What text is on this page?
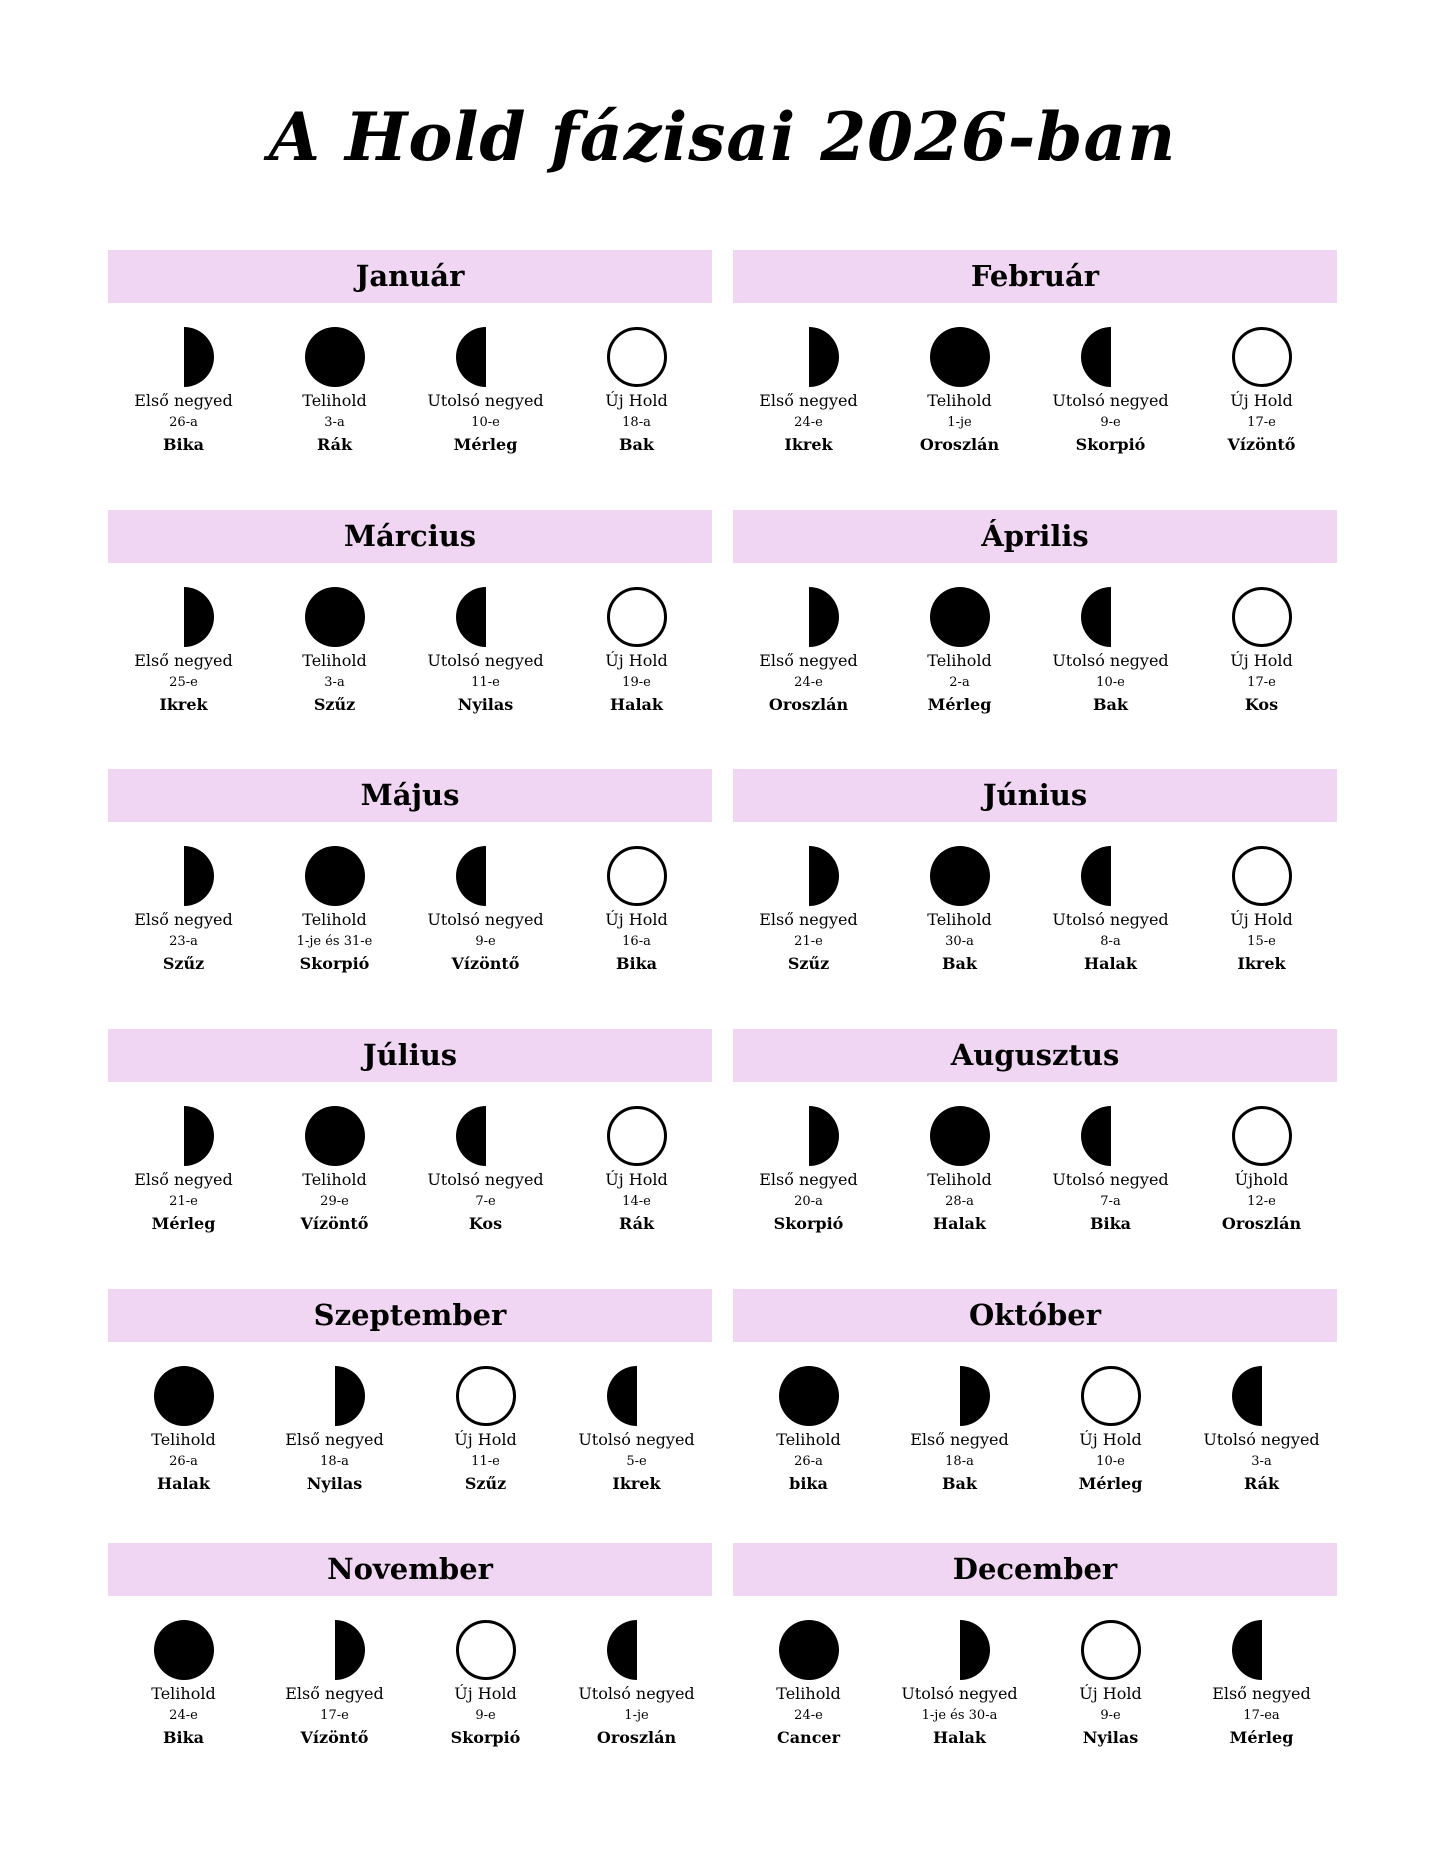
A Hold fázisai 2026-ban
Január
Első negyed
26-a
Bika
Telihold
3-a
Rák
Utolsó negyed
10-e
Mérleg
Új Hold
18-a
Bak
Február
Első negyed
24-e
Ikrek
Telihold
1-je
Oroszlán
Utolsó negyed
9-e
Skorpió
Új Hold
17-e
Vízöntő
Március
Első negyed
25-e
Ikrek
Telihold
3-a
Szűz
Utolsó negyed
11-e
Nyilas
Új Hold
19-e
Halak
Április
Első negyed
24-e
Oroszlán
Telihold
2-a
Mérleg
Utolsó negyed
10-e
Bak
Új Hold
17-e
Kos
Május
Első negyed
23-a
Szűz
Telihold
1-je és 31-e
Skorpió
Utolsó negyed
9-e
Vízöntő
Új Hold
16-a
Bika
Június
Első negyed
21-e
Szűz
Telihold
30-a
Bak
Utolsó negyed
8-a
Halak
Új Hold
15-e
Ikrek
Július
Első negyed
21-e
Mérleg
Telihold
29-e
Vízöntő
Utolsó negyed
7-e
Kos
Új Hold
14-e
Rák
Augusztus
Első negyed
20-a
Skorpió
Telihold
28-a
Halak
Utolsó negyed
7-a
Bika
Újhold
12-e
Oroszlán
Szeptember
Telihold
26-a
Halak
Első negyed
18-a
Nyilas
Új Hold
11-e
Szűz
Utolsó negyed
5-e
Ikrek
Október
Telihold
26-a
bika
Első negyed
18-a
Bak
Új Hold
10-e
Mérleg
Utolsó negyed
3-a
Rák
November
Telihold
24-e
Bika
Első negyed
17-e
Vízöntő
Új Hold
9-e
Skorpió
Utolsó negyed
1-je
Oroszlán
December
Telihold
24-e
Cancer
Utolsó negyed
1-je és 30-a
Halak
Új Hold
9-e
Nyilas
Első negyed
17-ea
Mérleg
